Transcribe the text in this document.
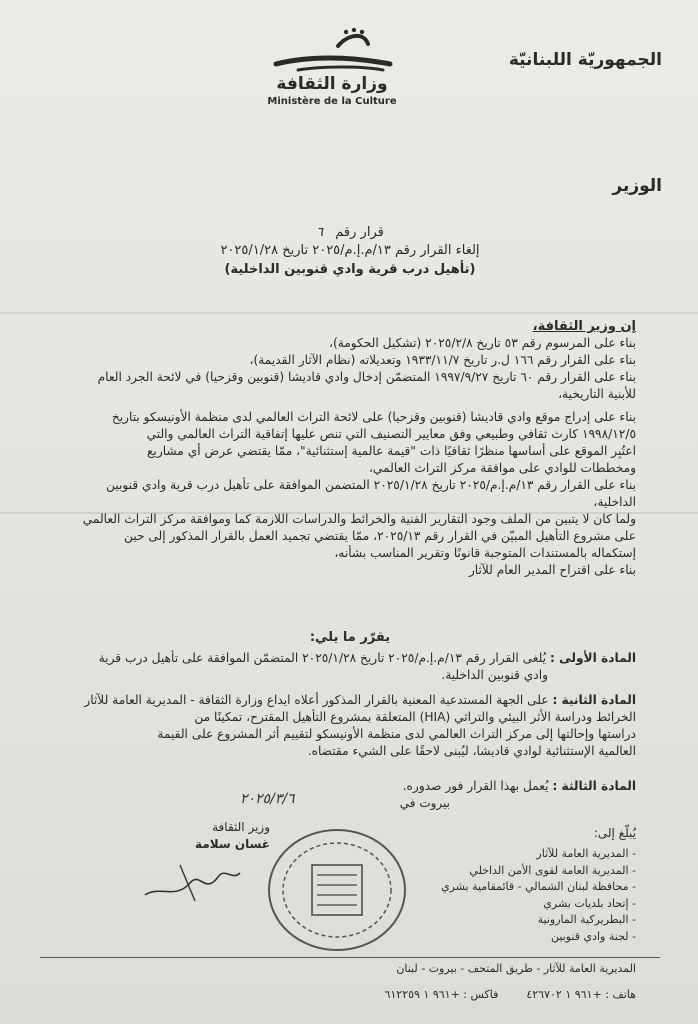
وزارة الثقافة
Ministère de la Culture
الجمهوريّة اللبنانيّة
الوزير
قرار رقم ٦
إلغاء القرار رقم ١٣/م.إ.م/٢٠٢٥ تاريخ ٢٠٢٥/١/٢٨
(تأهيل درب قرية وادي قنوبين الداخلية)
إن وزير الثقافة،
بناء على المرسوم رقم ٥٣ تاريخ ٢٠٢٥/٢/٨ (تشكيل الحكومة)،
بناء على القرار رقم ١٦٦ ل.ر تاريخ ١٩٣٣/١١/٧ وتعديلاته (نظام الآثار القديمة)،
بناء على القرار رقم ٦٠ تاريخ ١٩٩٧/٩/٢٧ المتضمّن إدخال وادي قاديشا (قنوبين وقزحيا) في لائحة الجرد العام
للأبنية التاريخية،
بناء على إدراج موقع وادي قاديشا (قنوبين وقزحيا) على لائحة التراث العالمي لدى منظمة الأونيسكو بتاريخ
١٩٩٨/١٢/٥ كارث ثقافي وطبيعي وفق معايير التصنيف التي تنص عليها إتفاقية التراث العالمي والتي
اعتُبِر الموقع على أساسها منظرًا ثقافيًا ذات "قيمة عالمية إستثنائية"، ممّا يقتضي عرض أي مشاريع
ومخططات للوادي على موافقة مركز التراث العالمي،
بناء على القرار رقم ١٣/م.إ.م/٢٠٢٥ تاريخ ٢٠٢٥/١/٢٨ المتضمن الموافقة على تأهيل درب قرية وادي قنوبين
الداخلية،
ولما كان لا يتبين من الملف وجود التقارير الفنية والخرائط والدراسات اللازمة كما وموافقة مركز التراث العالمي
على مشروع التأهيل المبيّن في القرار رقم ٢٠٢٥/١٣، ممّا يقتضي تجميد العمل بالقرار المذكور إلى حين
إستكماله بالمستندات المتوجبة قانونًا وتقرير المناسب بشأنه،
بناء على اقتراح المدير العام للآثار
يقرّر ما يلي:
المادة الأولى : يُلغى القرار رقم ١٣/م.إ.م/٢٠٢٥ تاريخ ٢٠٢٥/١/٢٨ المتضمّن الموافقة على تأهيل درب قرية
وادي قنوبين الداخلية.
المادة الثانية : على الجهة المستدعية المعنية بالقرار المذكور أعلاه ايداع وزارة الثقافة - المديرية العامة للآثار
الخرائط ودراسة الأثر البيئي والتراثي (HIA) المتعلقة بمشروع التأهيل المقترح، تمكينًا من
دراستها وإحالتها إلى مركز التراث العالمي لدى منظمة الأونيسكو لتقييم أثر المشروع على القيمة
العالمية الإستثنائية لوادي قاديشا، ليُبنى لاحقًا على الشيء مقتضاه.
المادة الثالثة : يُعمل بهذا القرار فور صدوره.
بيروت في
٢٠٢٥/٣/٦
وزير الثقافة
غسان سلامة
يُبلّغ إلى:
- المديرية العامة للآثار
- المديرية العامة لقوى الأمن الداخلي
- محافظة لبنان الشمالي - قائمقامية بشري
- إتحاد بلديات بشري
- البطريركية المارونية
- لجنة وادي قنوبين
المديرية العامة للآثار - طريق المتحف - بيروت - لبنان
هاتف : +٩٦١ ١ ٤٢٦٧٠٢        فاكس : +٩٦١ ١ ٦١٢٢٥٩
